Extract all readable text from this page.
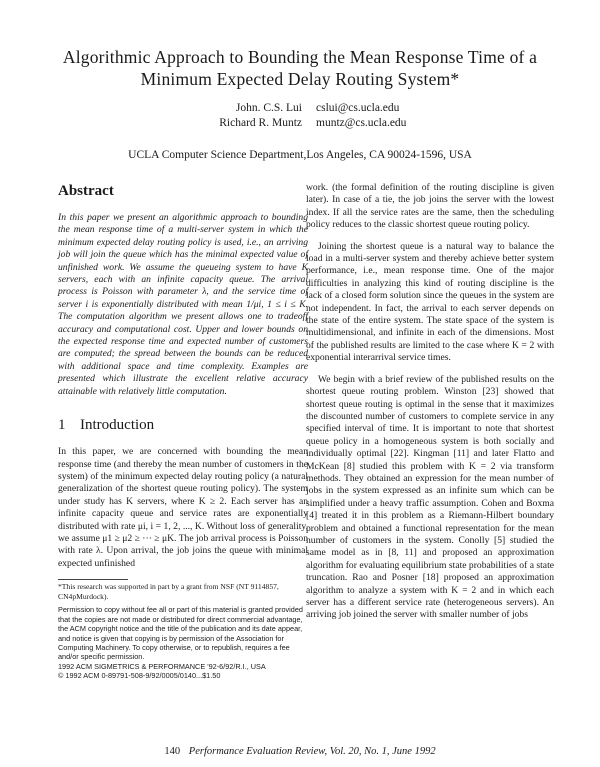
Algorithmic Approach to Bounding the Mean Response Time of a
Minimum Expected Delay Routing System*
John. C.S. Lui	cslui@cs.ucla.edu
Richard R. Muntz	muntz@cs.ucla.edu
UCLA Computer Science Department,Los Angeles, CA 90024-1596, USA
Abstract

In this paper we present an algorithmic approach to bounding the mean response time of a multi-server system in which the minimum expected delay routing policy is used, i.e., an arriving job will join the queue which has the minimal expected value of unfinished work. We assume the queueing system to have K servers, each with an infinite capacity queue. The arrival process is Poisson with parameter λ, and the service time of server i is exponentially distributed with mean 1/μi, 1 ≤ i ≤ K. The computation algorithm we present allows one to tradeoff accuracy and computational cost. Upper and lower bounds on the expected response time and expected number of customers are computed; the spread between the bounds can be reduced with additional space and time complexity. Examples are presented which illustrate the excellent relative accuracy attainable with relatively little computation.

1 Introduction

In this paper, we are concerned with bounding the mean response time (and thereby the mean number of customers in the system) of the minimum expected delay routing policy (a natural generalization of the shortest queue routing policy). The system under study has K servers, where K ≥ 2. Each server has an infinite capacity queue and service rates are exponentially distributed with rate μi, i = 1, 2, ..., K. Without loss of generality, we assume μ1 ≥ μ2 ≥ ··· ≥ μK. The job arrival process is Poisson with rate λ. Upon arrival, the job joins the queue with minimal expected unfinished

*This research was supported in part by a grant from NSF (NT 9114857, CN4pMurdock).

Permission to copy without fee all or part of this material is granted provided that the copies are not made or distributed for direct commercial advantage, the ACM copyright notice and the title of the publication and its date appear, and notice is given that copying is by permission of the Association for Computing Machinery. To copy otherwise, or to republish, requires a fee and/or specific permission.

1992 ACM SIGMETRICS & PERFORMANCE '92-6/92/R.I., USA

© 1992 ACM 0-89791-508-9/92/0005/0140...$1.50

work. (the formal definition of the routing discipline is given later). In case of a tie, the job joins the server with the lowest index. If all the service rates are the same, then the scheduling policy reduces to the classic shortest queue routing policy.

Joining the shortest queue is a natural way to balance the load in a multi-server system and thereby achieve better system performance, i.e., mean response time. One of the major difficulties in analyzing this kind of routing discipline is the lack of a closed form solution since the queues in the system are not independent. In fact, the arrival to each server depends on the state of the entire system. The state space of the system is multidimensional, and infinite in each of the dimensions. Most of the published results are limited to the case where K = 2 with exponential interarrival service times.

We begin with a brief review of the published results on the shortest queue routing problem. Winston [23] showed that shortest queue routing is optimal in the sense that it maximizes the discounted number of customers to complete service in any specified interval of time. It is important to note that shortest queue policy in a homogeneous system is both socially and individually optimal [22]. Kingman [11] and later Flatto and McKean [8] studied this problem with K = 2 via transform methods. They obtained an expression for the mean number of jobs in the system expressed as an infinite sum which can be simplified under a heavy traffic assumption. Cohen and Boxma [4] treated it in this problem as a Riemann-Hilbert boundary problem and obtained a functional representation for the mean number of customers in the system. Conolly [5] studied the same model as in [8, 11] and proposed an approximation algorithm for evaluating equilibrium state probabilities of a state truncation. Rao and Posner [18] proposed an approximation algorithm to analyze a system with K = 2 and in which each server has a different service rate (heterogeneous servers). An arriving job joined the server with smaller number of jobs

140 Performance Evaluation Review, Vol. 20, No. 1, June 1992
